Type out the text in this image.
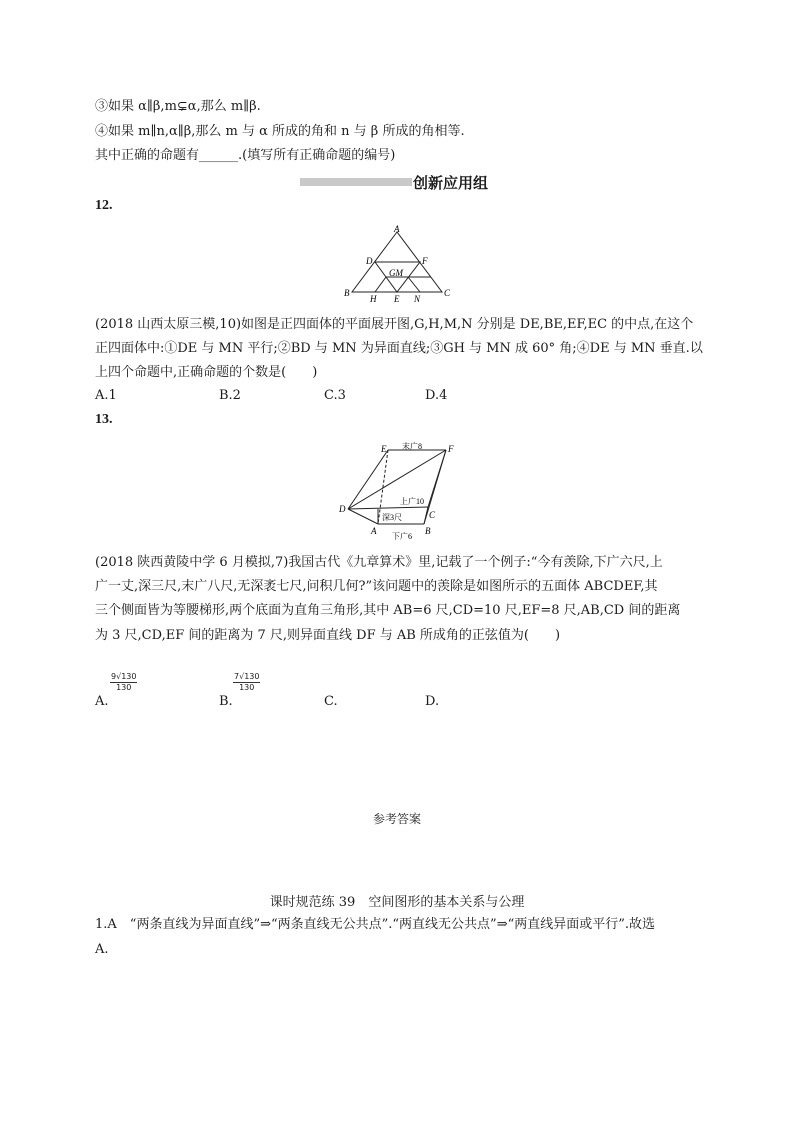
③如果 α∥β,m⊊α,那么 m∥β.
④如果 m∥n,α∥β,那么 m 与 α 所成的角和 n 与 β 所成的角相等.
其中正确的命题有______.(填写所有正确命题的编号)
创新应用组
12.
A
D	F
GM
B
H E N
C
(2018 山西太原三模,10)如图是正四面体的平面展开图,G,H,M,N 分别是 DE,BE,EF,EC 的中点,在这个
正四面体中:①DE 与 MN 平行;②BD 与 MN 为异面直线;③GH 与 MN 成 60° 角;④DE 与 MN 垂直.以
上四个命题中,正确命题的个数是(　　)
A.1	B.2	C.3	D.4
13.
E 末广8	F
D
上广10
深3尺	C
A
下广6
B
(2018 陕西黄陵中学 6 月模拟,7)我国古代《九章算术》里,记载了一个例子:“今有羡除,下广六尺,上
广一丈,深三尺,末广八尺,无深袤七尺,问积几何?”该问题中的羡除是如图所示的五面体 ABCDEF,其
三个侧面皆为等腰梯形,两个底面为直角三角形,其中 AB=6 尺,CD=10 尺,EF=8 尺,AB,CD 间的距离
为 3 尺,CD,EF 间的距离为 7 尺,则异面直线 DF 与 AB 所成角的正弦值为(　　)
$\frac{9√130}{130}$	$\frac{7√130}{130}$
A.	B.	C.	D.
参考答案
课时规范练 39　空间图形的基本关系与公理
1.A　“两条直线为异面直线”⇒“两条直线无公共点”.“两直线无公共点”⇒“两直线异面或平行”.故选
A.
